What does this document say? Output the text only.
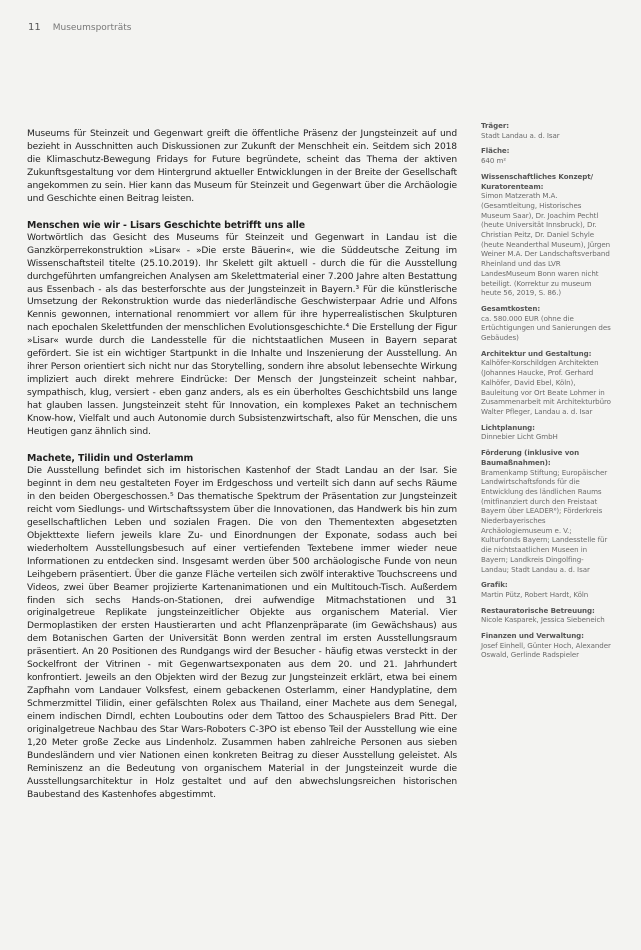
11 Museumsporträts

Museums für Steinzeit und Gegenwart greift die öffentliche Präsenz der Jungsteinzeit auf und bezieht in Ausschnitten auch Diskussionen zur Zukunft der Menschheit ein. Seitdem sich 2018 die Klimaschutz-Bewegung Fridays for Future begründete, scheint das Thema der aktiven Zukunftsgestaltung vor dem Hintergrund aktueller Entwicklungen in der Breite der Gesellschaft angekommen zu sein. Hier kann das Museum für Steinzeit und Gegenwart über die Archäologie und Geschichte einen Beitrag leisten.

Menschen wie wir - Lisars Geschichte betrifft uns alle

Wortwörtlich das Gesicht des Museums für Steinzeit und Gegenwart in Landau ist die Ganzkörperrekonstruktion »Lisar« - »Die erste Bäuerin«, wie die Süddeutsche Zeitung im Wissenschaftsteil titelte (25.10.2019). Ihr Skelett gilt aktuell - durch die für die Ausstellung durchgeführten umfangreichen Analysen am Skelettmaterial einer 7.200 Jahre alten Bestattung aus Essenbach - als das besterforschte aus der Jungsteinzeit in Bayern.³ Für die künstlerische Umsetzung der Rekonstruktion wurde das niederländische Geschwisterpaar Adrie und Alfons Kennis gewonnen, international renommiert vor allem für ihre hyperrealistischen Skulpturen nach epochalen Skelettfunden der menschlichen Evolutionsgeschichte.⁴ Die Erstellung der Figur »Lisar« wurde durch die Landesstelle für die nichtstaatlichen Museen in Bayern separat gefördert. Sie ist ein wichtiger Startpunkt in die Inhalte und Inszenierung der Ausstellung. An ihrer Person orientiert sich nicht nur das Storytelling, sondern ihre absolut lebensechte Wirkung impliziert auch direkt mehrere Eindrücke: Der Mensch der Jungsteinzeit scheint nahbar, sympathisch, klug, versiert - eben ganz anders, als es ein überholtes Geschichtsbild uns lange hat glauben lassen. Jungsteinzeit steht für Innovation, ein komplexes Paket an technischem Know-how, Vielfalt und auch Autonomie durch Subsistenzwirtschaft, also für Menschen, die uns Heutigen ganz ähnlich sind.

Machete, Tilidin und Osterlamm

Die Ausstellung befindet sich im historischen Kastenhof der Stadt Landau an der Isar. Sie beginnt in dem neu gestalteten Foyer im Erdgeschoss und verteilt sich dann auf sechs Räume in den beiden Obergeschossen.⁵ Das thematische Spektrum der Präsentation zur Jungsteinzeit reicht vom Siedlungs- und Wirtschaftssystem über die Innovationen, das Handwerk bis hin zum gesellschaftlichen Leben und sozialen Fragen. Die von den Thementexten abgesetzten Objekttexte liefern jeweils klare Zu- und Einordnungen der Exponate, sodass auch bei wiederholtem Ausstellungsbesuch auf einer vertiefenden Textebene immer wieder neue Informationen zu entdecken sind. Insgesamt werden über 500 archäologische Funde von neun Leihgebern präsentiert. Über die ganze Fläche verteilen sich zwölf interaktive Touchscreens und Videos, zwei über Beamer projizierte Kartenanimationen und ein Multitouch-Tisch. Außerdem finden sich sechs Hands-on-Stationen, drei aufwendige Mitmachstationen und 31 originalgetreue Replikate jungsteinzeitlicher Objekte aus organischem Material. Vier Dermoplastiken der ersten Haustierarten und acht Pflanzenpräparate (im Gewächshaus) aus dem Botanischen Garten der Universität Bonn werden zentral im ersten Ausstellungsraum präsentiert. An 20 Positionen des Rundgangs wird der Besucher - häufig etwas versteckt in der Sockelfront der Vitrinen - mit Gegenwartsexponaten aus dem 20. und 21. Jahrhundert konfrontiert. Jeweils an den Objekten wird der Bezug zur Jungsteinzeit erklärt, etwa bei einem Zapfhahn vom Landauer Volksfest, einem gebackenen Osterlamm, einer Handyplatine, dem Schmerzmittel Tilidin, einer gefälschten Rolex aus Thailand, einer Machete aus dem Senegal, einem indischen Dirndl, echten Louboutins oder dem Tattoo des Schauspielers Brad Pitt. Der originalgetreue Nachbau des Star Wars-Roboters C-3PO ist ebenso Teil der Ausstellung wie eine 1,20 Meter große Zecke aus Lindenholz. Zusammen haben zahlreiche Personen aus sieben Bundesländern und vier Nationen einen konkreten Beitrag zu dieser Ausstellung geleistet. Als Reminiszenz an die Bedeutung von organischem Material in der Jungsteinzeit wurde die Ausstellungsarchitektur in Holz gestaltet und auf den abwechslungsreichen historischen Baubestand des Kastenhofes abgestimmt.

Träger:
Stadt Landau a. d. Isar
Fläche:
640 m²
Wissenschaftliches Konzept/ Kuratorenteam:
Simon Matzerath M.A. (Gesamtleitung, Historisches Museum Saar), Dr. Joachim Pechtl (heute Universität Innsbruck), Dr. Christian Peitz, Dr. Daniel Schyle (heute Neanderthal Museum), Jürgen Weiner M.A. Der Landschaftsverband Rheinland und das LVR LandesMuseum Bonn waren nicht beteiligt. (Korrektur zu museum heute 56, 2019, S. 86.)
Gesamtkosten:
ca. 580.000 EUR (ohne die Ertüchtigungen und Sanierungen des Gebäudes)
Architektur und Gestaltung:
Kalhöfer-Korschildgen Architekten (Johannes Haucke, Prof. Gerhard Kalhöfer, David Ebel, Köln), Bauleitung vor Ort Beate Lohmer in Zusammenarbeit mit Architekturbüro Walter Pfleger, Landau a. d. Isar
Lichtplanung:
Dinnebier Licht GmbH
Förderung (inklusive von Baumaßnahmen):
Bramenkamp Stiftung; Europäischer Landwirtschaftsfonds für die Entwicklung des ländlichen Raums (mitfinanziert durch den Freistaat Bayern über LEADER⁶); Förderkreis Niederbayerisches Archäologiemuseum e. V.; Kulturfonds Bayern; Landesstelle für die nichtstaatlichen Museen in Bayern; Landkreis Dingolfing-Landau; Stadt Landau a. d. Isar
Grafik:
Martin Pütz, Robert Hardt, Köln
Restauratorische Betreuung:
Nicole Kasparek, Jessica Siebeneich
Finanzen und Verwaltung:
Josef Einhell, Günter Hoch, Alexander Oswald, Gerlinde Radspieler
